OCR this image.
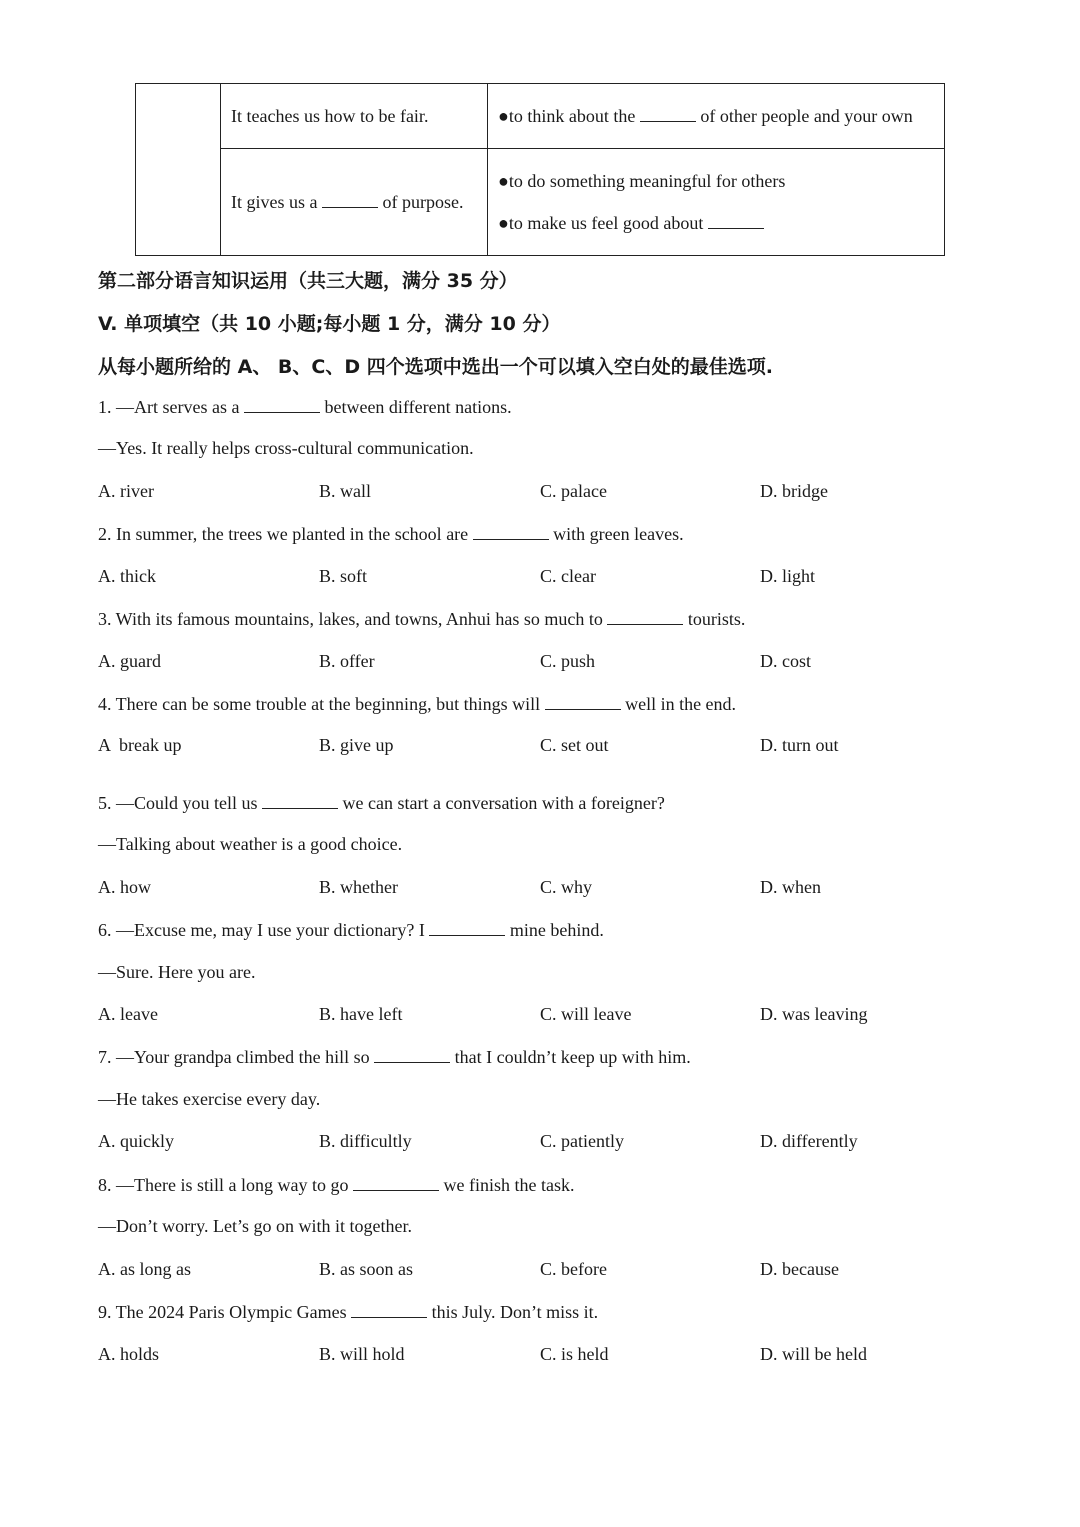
	It teaches us how to be fair.	●to think about the of other people and your own
	It gives us a of purpose.	●to do something meaningful for others
●to make us feel good about
第二部分语言知识运用（共三大题，满分 35 分）
V. 单项填空（共 10 小题;每小题 1 分，满分 10 分）
从每小题所给的 A、 B、C、D 四个选项中选出一个可以填入空白处的最佳选项.
1. —Art serves as a	between different nations.
—Yes. It really helps cross-cultural communication.
A. river	B. wall	C. palace	D. bridge
2. In summer, the trees we planted in the school are	with green leaves.
A. thick	B. soft	C. clear	D. light
3. With its famous mountains, lakes, and towns, Anhui has so much to	tourists.
A. guard	B. offer	C. push	D. cost
4. There can be some trouble at the beginning, but things will	well in the end.
A  break up	B. give up	C. set out	D. turn out
5. —Could you tell us	we can start a conversation with a foreigner?
—Talking about weather is a good choice.
A. how	B. whether	C. why	D. when
6. —Excuse me, may I use your dictionary? I	mine behind.
—Sure. Here you are.
A. leave	B. have left	C. will leave	D. was leaving
7. —Your grandpa climbed the hill so	that I couldn’t keep up with him.
—He takes exercise every day.
A. quickly	B. difficultly	C. patiently	D. differently
8. —There is still a long way to go	we finish the task.
—Don’t worry. Let’s go on with it together.
A. as long as	B. as soon as	C. before	D. because
9. The 2024 Paris Olympic Games	this July. Don’t miss it.
A. holds	B. will hold	C. is held	D. will be held
